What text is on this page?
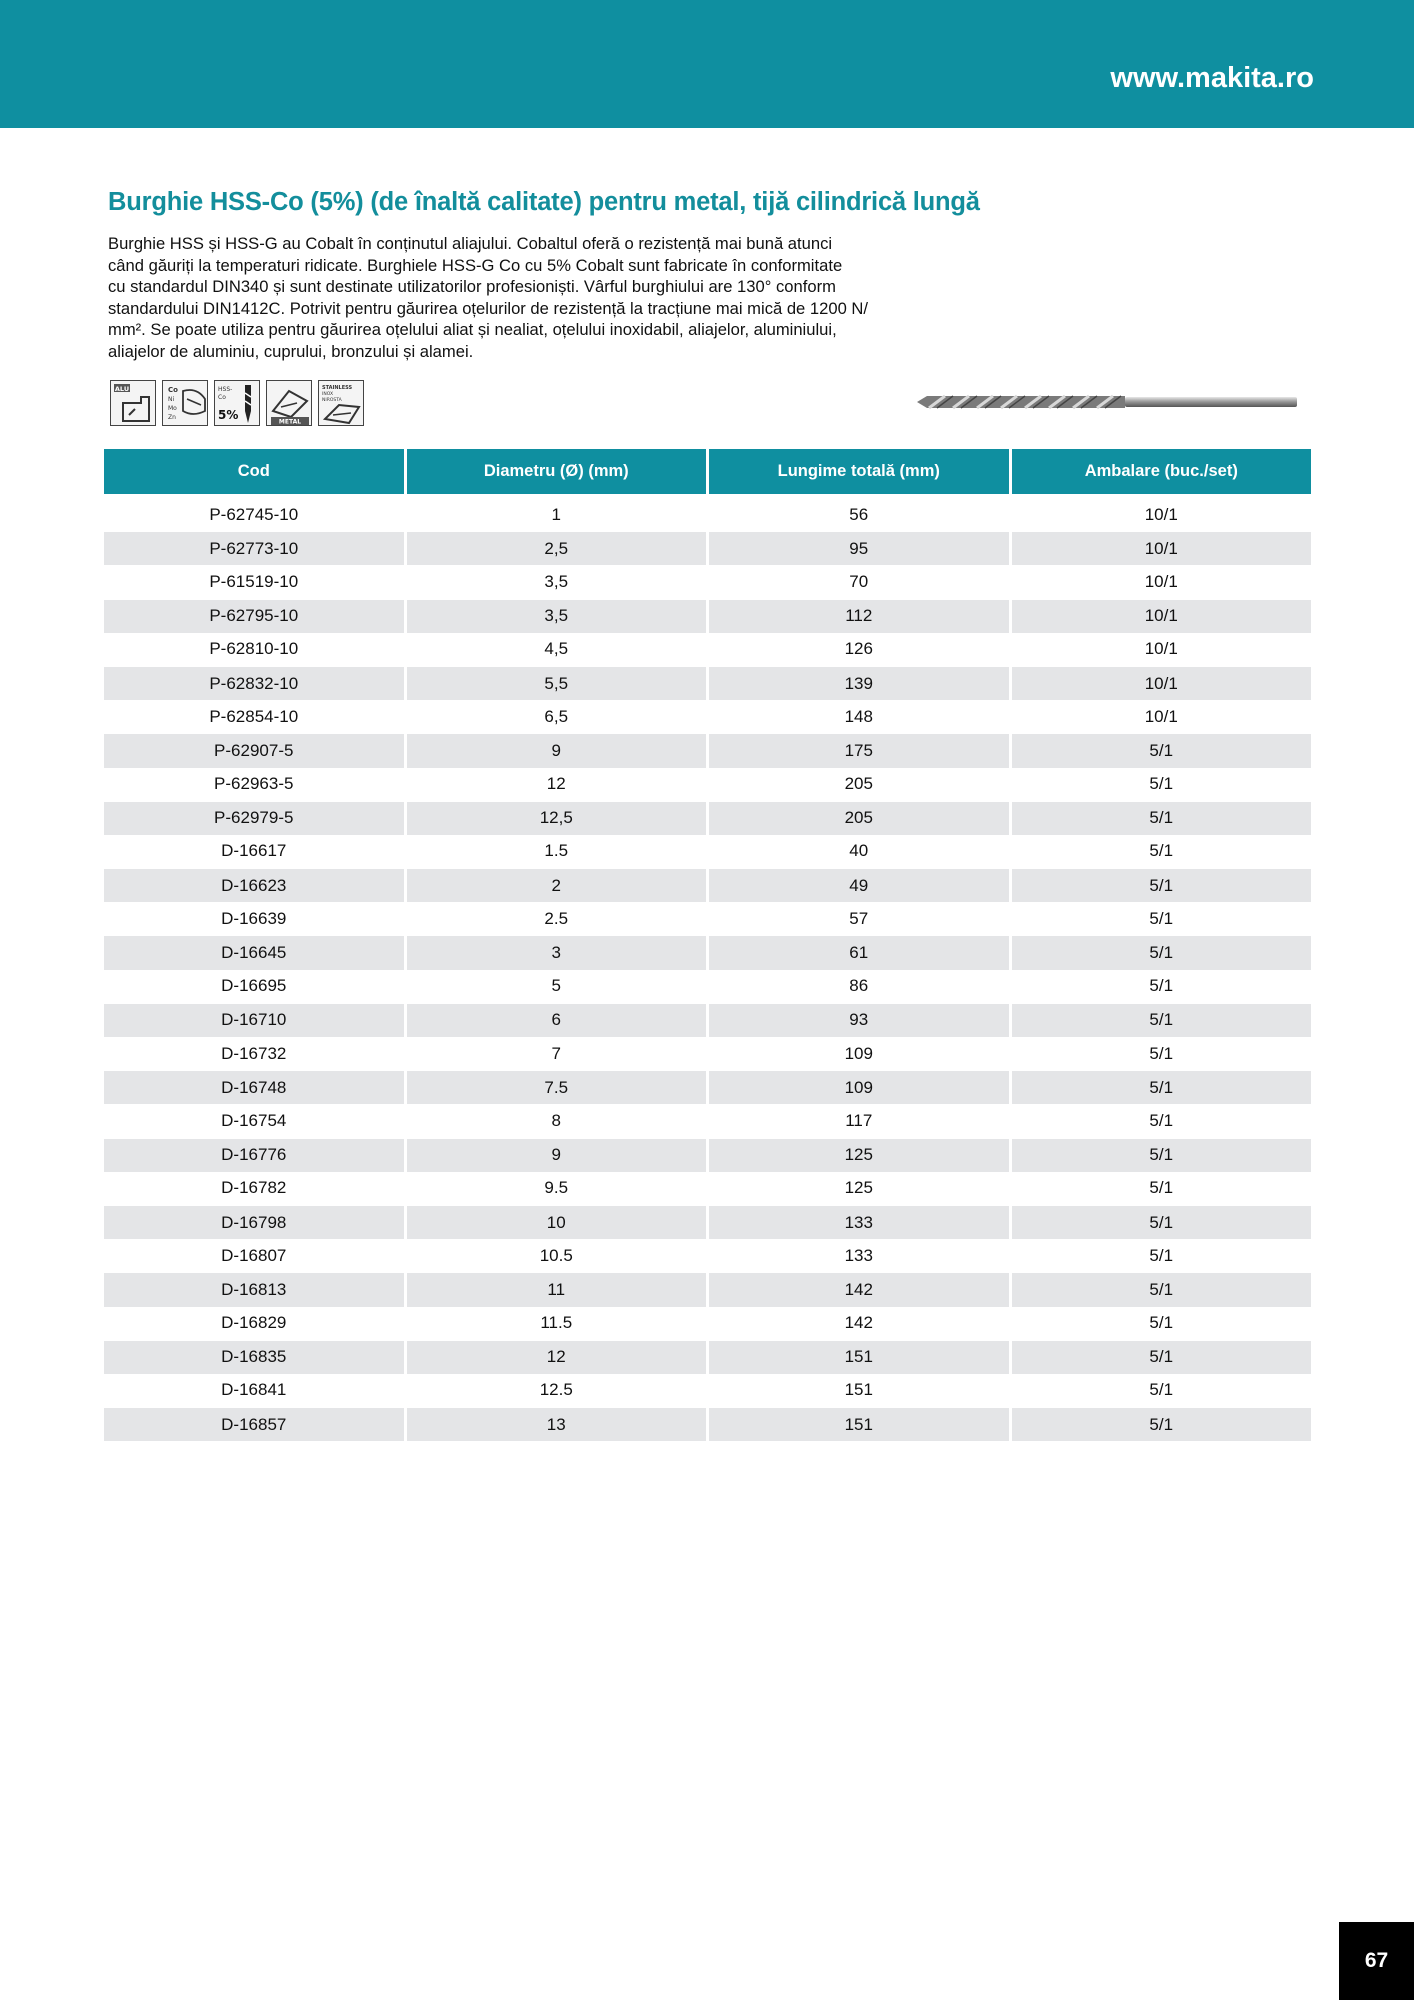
www.makita.ro
Burghie HSS-Co (5%) (de înaltă calitate) pentru metal, tijă cilindrică lungă
Burghie HSS și HSS-G au Cobalt în conținutul aliajului. Cobaltul oferă o rezistență mai bună atunci
când găuriți la temperaturi ridicate. Burghiele HSS-G Co cu 5% Cobalt sunt fabricate în conformitate
cu standardul DIN340 și sunt destinate utilizatorilor profesioniști. Vârful burghiului are 130° conform
standardului DIN1412C. Potrivit pentru găurirea oțelurilor de rezistență la tracțiune mai mică de 1200 N/
mm². Se poate utiliza pentru găurirea oțelului aliat și nealiat, oțelului inoxidabil, aliajelor, aluminiului,
aliajelor de aluminiu, cuprului, bronzului și alamei.
ALU	Co
Ni
Mo
Zn
HSS-
Co
5%	METAL
STAINLESS
INOX
NIROSTA
Cod	Diametru (Ø) (mm)	Lungime totală (mm)	Ambalare (buc./set)
P-62745-10	1	56	10/1
P-62773-10	2,5	95	10/1
P-61519-10	3,5	70	10/1
P-62795-10	3,5	112	10/1
P-62810-10	4,5	126	10/1
P-62832-10	5,5	139	10/1
P-62854-10	6,5	148	10/1
P-62907-5	9	175	5/1
P-62963-5	12	205	5/1
P-62979-5	12,5	205	5/1
D-16617	1.5	40	5/1
D-16623	2	49	5/1
D-16639	2.5	57	5/1
D-16645	3	61	5/1
D-16695	5	86	5/1
D-16710	6	93	5/1
D-16732	7	109	5/1
D-16748	7.5	109	5/1
D-16754	8	117	5/1
D-16776	9	125	5/1
D-16782	9.5	125	5/1
D-16798	10	133	5/1
D-16807	10.5	133	5/1
D-16813	11	142	5/1
D-16829	11.5	142	5/1
D-16835	12	151	5/1
D-16841	12.5	151	5/1
D-16857	13	151	5/1
67
